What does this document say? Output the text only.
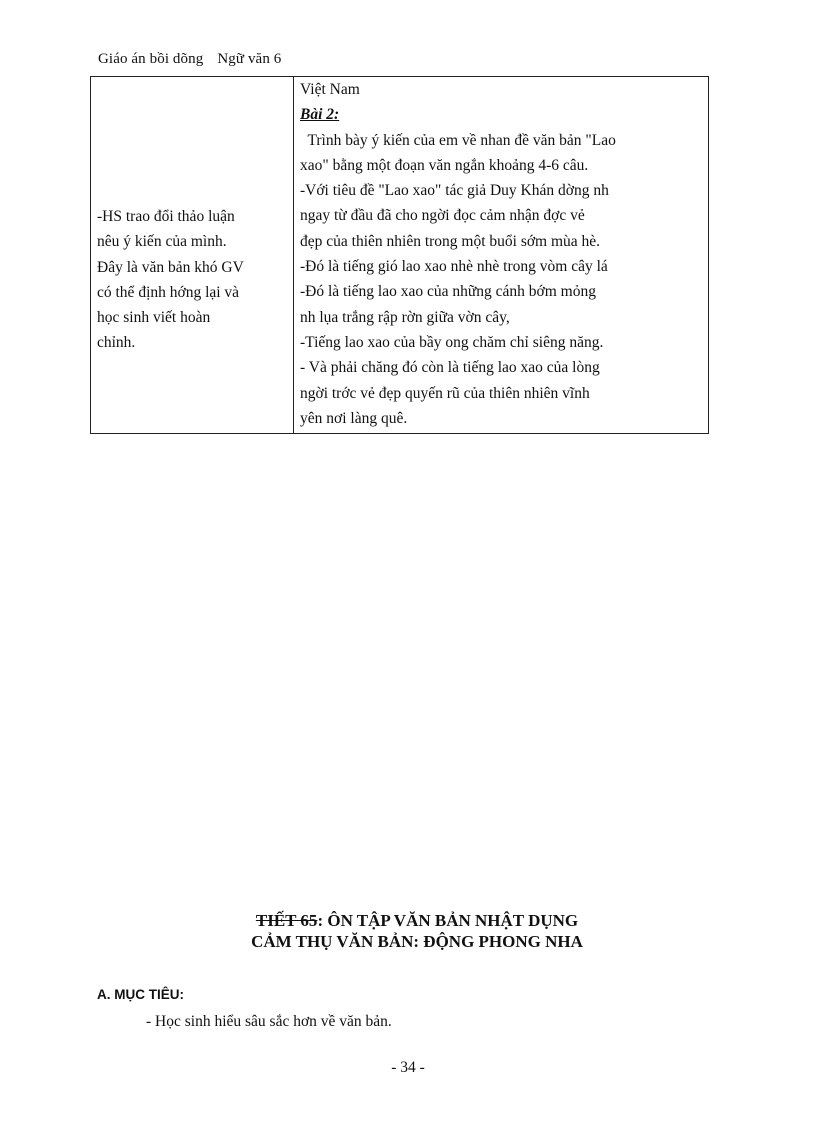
Giáo án bồi dõng Ngữ văn 6
-HS trao đổi thảo luận
nêu ý kiến của mình.
Đây là văn bản khó GV
có thể định hớng lại và
học sinh viết hoàn
chỉnh.

Việt Nam
Bài 2:
Trình bày ý kiến của em về nhan đề văn bản "Lao
xao" bằng một đoạn văn ngắn khoảng 4-6 câu.
-Với tiêu đề "Lao xao" tác giả Duy Khán dờng nh
ngay từ đầu đã cho ngời đọc cảm nhận đợc vẻ
đẹp của thiên nhiên trong một buổi sớm mùa hè.
-Đó là tiếng gió lao xao nhè nhè trong vòm cây lá
-Đó là tiếng lao xao của những cánh bớm mỏng
nh lụa trắng rập rờn giữa vờn cây,
-Tiếng lao xao của bầy ong chăm chỉ siêng năng.
- Và phải chăng đó còn là tiếng lao xao của lòng
ngời trớc vẻ đẹp quyến rũ của thiên nhiên vĩnh
yên nơi làng quê.
TIẾT 65: ÔN TẬP VĂN BẢN NHẬT DỤNG
CẢM THỤ VĂN BẢN: ĐỘNG PHONG NHA
A. MỤC TIÊU:
- Học sinh hiểu sâu sắc hơn về văn bản.
- 34 -
